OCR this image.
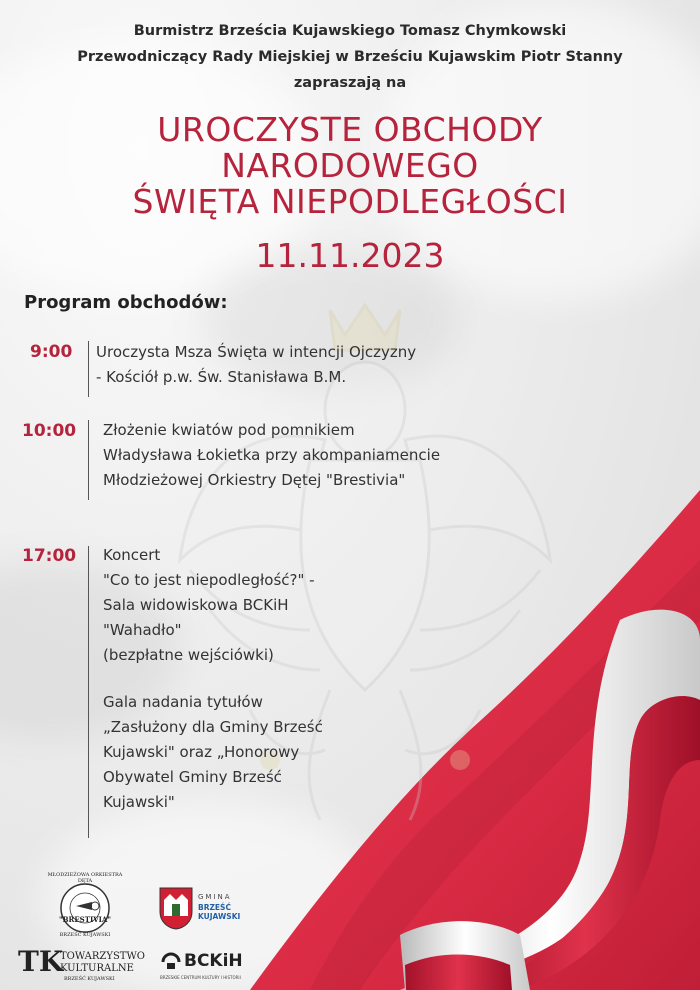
Burmistrz Brześcia Kujawskiego Tomasz Chymkowski
Przewodniczący Rady Miejskiej w Brześciu Kujawskim Piotr Stanny
zapraszają na
UROCZYSTE OBCHODY
NARODOWEGO
ŚWIĘTA NIEPODLEGŁOŚCI
11.11.2023
Program obchodów:
9:00 Uroczysta Msza Święta w intencji Ojczyzny
- Kościół p.w. Św. Stanisława B.M.
10:00 Złożenie kwiatów pod pomnikiem
Władysława Łokietka przy akompaniamencie
Młodzieżowej Orkiestry Dętej "Brestivia"
17:00 Koncert
"Co to jest niepodległość?" -
Sala widowiskowa BCKiH
"Wahadło"
(bezpłatne wejściówki)
Gala nadania tytułów
„Zasłużony dla Gminy Brześć
Kujawski" oraz „Honorowy
Obywatel Gminy Brześć
Kujawski"
"BRESTIVIA"
MŁODZIEŻOWA ORKIESTRA DĘTA
BRZEŚĆ KUJAWSKI
GMINA
BRZEŚĆ
KUJAWSKI
TK
TOWARZYSTWO
KULTURALNE
BRZEŚĆ KUJAWSKI
BCKiH
BRZESKIE CENTRUM KULTURY I HISTORII
